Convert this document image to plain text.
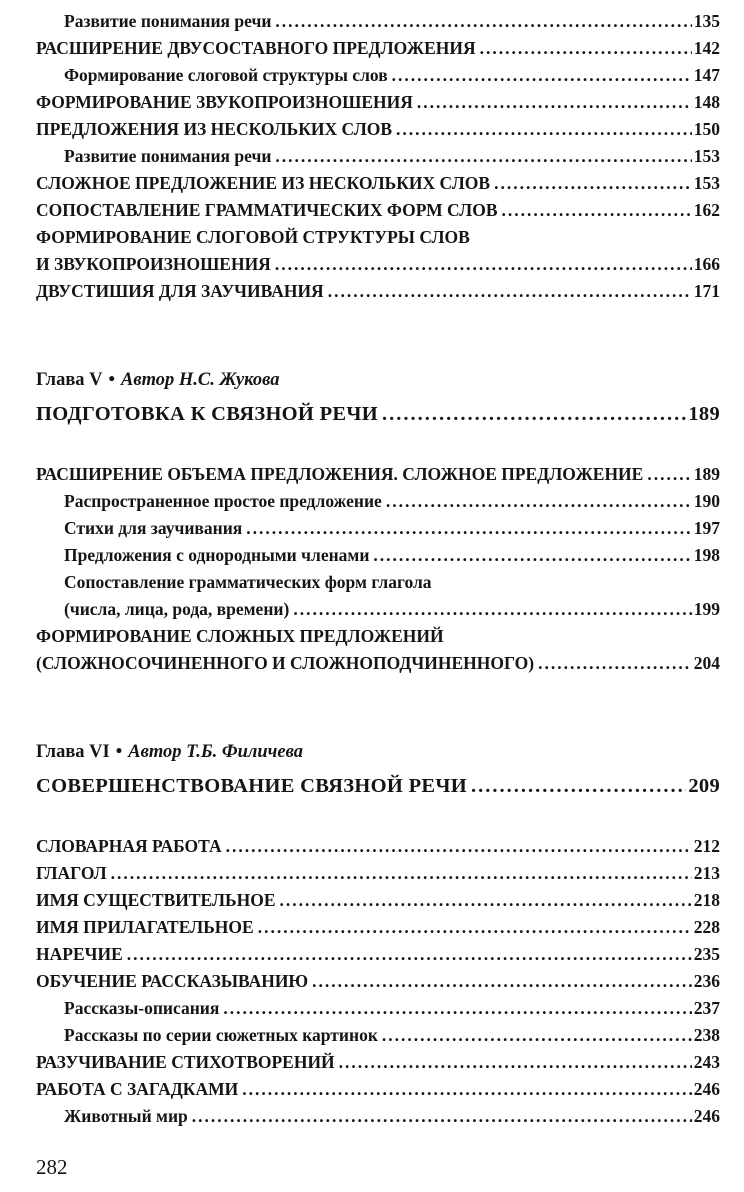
Развитие понимания речи .....	135
РАСШИРЕНИЕ ДВУСОСТАВНОГО ПРЕДЛОЖЕНИЯ .....	142
Формирование слоговой структуры слов .....	147
ФОРМИРОВАНИЕ ЗВУКОПРОИЗНОШЕНИЯ .....	148
ПРЕДЛОЖЕНИЯ ИЗ НЕСКОЛЬКИХ СЛОВ .....	150
Развитие понимания речи .....	153
СЛОЖНОЕ ПРЕДЛОЖЕНИЕ ИЗ НЕСКОЛЬКИХ СЛОВ .....	153
СОПОСТАВЛЕНИЕ ГРАММАТИЧЕСКИХ ФОРМ СЛОВ .....	162
ФОРМИРОВАНИЕ СЛОГОВОЙ СТРУКТУРЫ СЛОВ
И ЗВУКОПРОИЗНОШЕНИЯ .....	166
ДВУСТИШИЯ ДЛЯ ЗАУЧИВАНИЯ .....	171
Глава V • Автор Н.С. Жукова
ПОДГОТОВКА К СВЯЗНОЙ РЕЧИ .....	189
РАСШИРЕНИЕ ОБЪЕМА ПРЕДЛОЖЕНИЯ. СЛОЖНОЕ ПРЕДЛОЖЕНИЕ .....	189
Распространенное простое предложение .....	190
Стихи для заучивания .....	197
Предложения с однородными членами .....	198
Сопоставление грамматических форм глагола
(числа, лица, рода, времени) .....	199
ФОРМИРОВАНИЕ СЛОЖНЫХ ПРЕДЛОЖЕНИЙ
(СЛОЖНОСОЧИНЕННОГО И СЛОЖНОПОДЧИНЕННОГО) .....	204
Глава VI • Автор Т.Б. Филичева
СОВЕРШЕНСТВОВАНИЕ СВЯЗНОЙ РЕЧИ .....	209
СЛОВАРНАЯ РАБОТА .....	212
ГЛАГОЛ .....	213
ИМЯ СУЩЕСТВИТЕЛЬНОЕ .....	218
ИМЯ ПРИЛАГАТЕЛЬНОЕ .....	228
НАРЕЧИЕ .....	235
ОБУЧЕНИЕ РАССКАЗЫВАНИЮ .....	236
Рассказы-описания .....	237
Рассказы по серии сюжетных картинок .....	238
РАЗУЧИВАНИЕ СТИХОТВОРЕНИЙ .....	243
РАБОТА С ЗАГАДКАМИ .....	246
Животный мир .....	246
282
